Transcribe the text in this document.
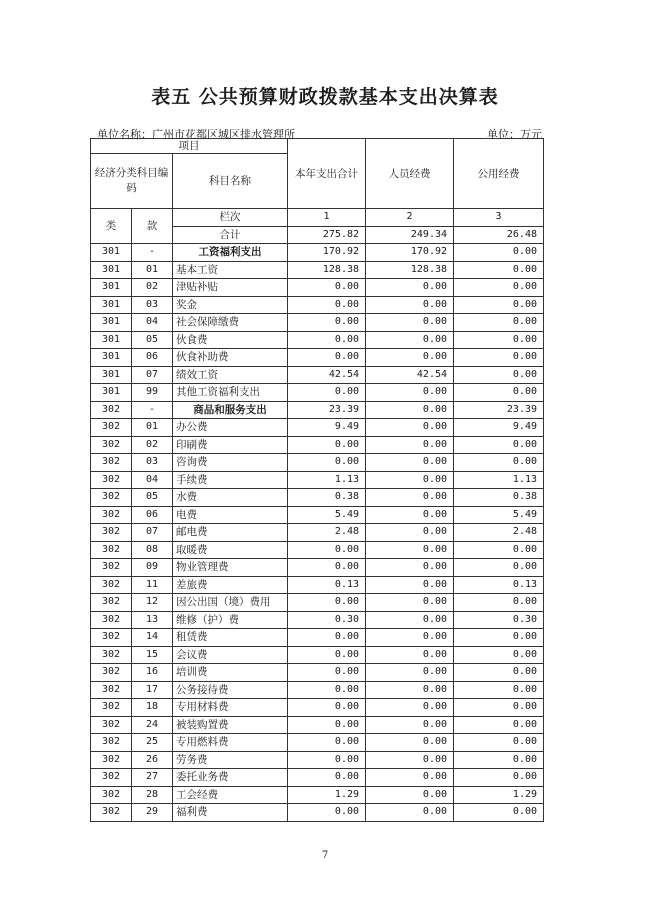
表五 公共预算财政拨款基本支出决算表
单位名称：广州市花都区城区排水管理所	单位：万元
项目			本年支出合计	人员经费	公用经费
经济分类科目编码		科目名称			
类	款	栏次	1	2	3
		合计	275.82	249.34	26.48
301	-	工资福利支出	170.92	170.92	0.00
301	01	基本工资	128.38	128.38	0.00
301	02	津贴补贴	0.00	0.00	0.00
301	03	奖金	0.00	0.00	0.00
301	04	社会保障缴费	0.00	0.00	0.00
301	05	伙食费	0.00	0.00	0.00
301	06	伙食补助费	0.00	0.00	0.00
301	07	绩效工资	42.54	42.54	0.00
301	99	其他工资福利支出	0.00	0.00	0.00
302	-	商品和服务支出	23.39	0.00	23.39
302	01	办公费	9.49	0.00	9.49
302	02	印刷费	0.00	0.00	0.00
302	03	咨询费	0.00	0.00	0.00
302	04	手续费	1.13	0.00	1.13
302	05	水费	0.38	0.00	0.38
302	06	电费	5.49	0.00	5.49
302	07	邮电费	2.48	0.00	2.48
302	08	取暖费	0.00	0.00	0.00
302	09	物业管理费	0.00	0.00	0.00
302	11	差旅费	0.13	0.00	0.13
302	12	因公出国（境）费用	0.00	0.00	0.00
302	13	维修（护）费	0.30	0.00	0.30
302	14	租赁费	0.00	0.00	0.00
302	15	会议费	0.00	0.00	0.00
302	16	培训费	0.00	0.00	0.00
302	17	公务接待费	0.00	0.00	0.00
302	18	专用材料费	0.00	0.00	0.00
302	24	被装购置费	0.00	0.00	0.00
302	25	专用燃料费	0.00	0.00	0.00
302	26	劳务费	0.00	0.00	0.00
302	27	委托业务费	0.00	0.00	0.00
302	28	工会经费	1.29	0.00	1.29
302	29	福利费	0.00	0.00	0.00
7
